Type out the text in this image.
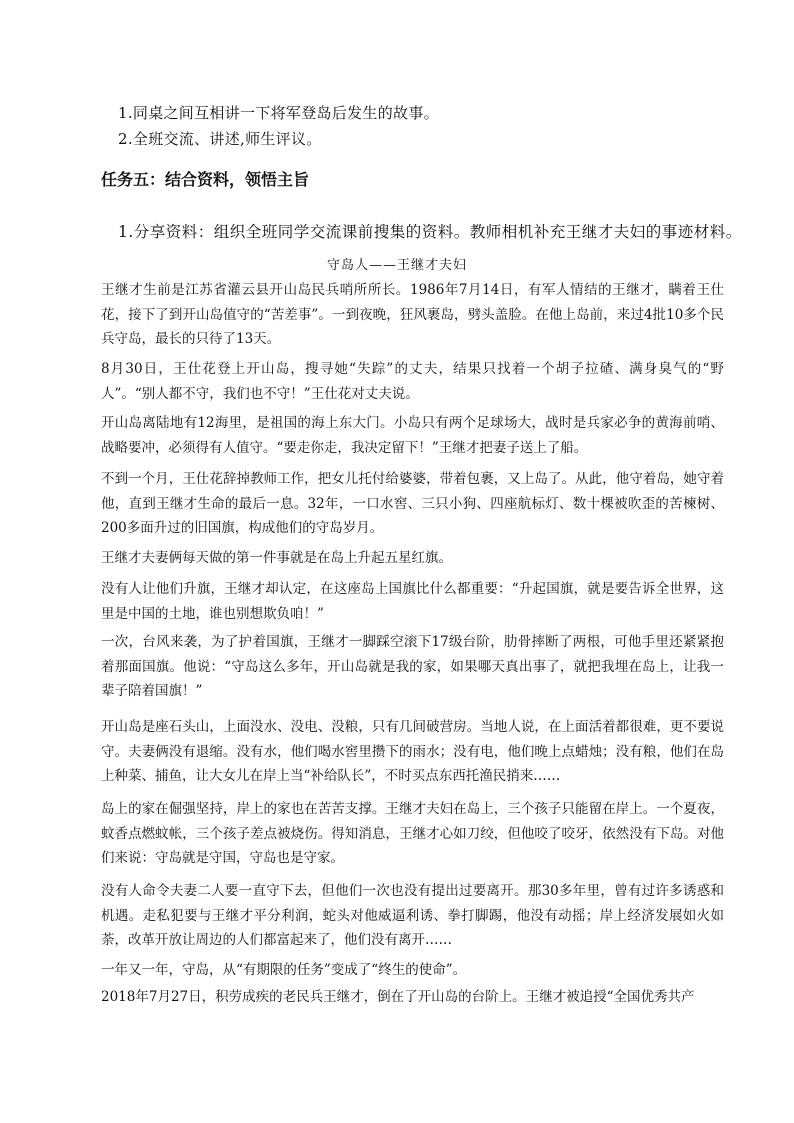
1.同桌之间互相讲一下将军登岛后发生的故事。

2.全班交流、讲述,师生评议。

任务五：结合资料，领悟主旨

1.分享资料：组织全班同学交流课前搜集的资料。教师相机补充王继才夫妇的事迹材料。

守岛人——王继才夫妇

王继才生前是江苏省灌云县开山岛民兵哨所所长。1986年7月14日，有军人情结的王继才，瞒着王仕花，接下了到开山岛值守的“苦差事”。一到夜晚，狂风裹岛，劈头盖脸。在他上岛前，来过4批10多个民兵守岛，最长的只待了13天。

8月30日，王仕花登上开山岛，搜寻她“失踪”的丈夫，结果只找着一个胡子拉碴、满身臭气的“野人”。“别人都不守，我们也不守！”王仕花对丈夫说。

开山岛离陆地有12海里，是祖国的海上东大门。小岛只有两个足球场大，战时是兵家必争的黄海前哨、战略要冲，必须得有人值守。“要走你走，我决定留下！”王继才把妻子送上了船。

不到一个月，王仕花辞掉教师工作，把女儿托付给婆婆，带着包裹，又上岛了。从此，他守着岛，她守着他，直到王继才生命的最后一息。32年，一口水窖、三只小狗、四座航标灯、数十棵被吹歪的苦楝树、200多面升过的旧国旗，构成他们的守岛岁月。

王继才夫妻俩每天做的第一件事就是在岛上升起五星红旗。

没有人让他们升旗，王继才却认定，在这座岛上国旗比什么都重要：“升起国旗，就是要告诉全世界，这里是中国的土地，谁也别想欺负咱！”

一次，台风来袭，为了护着国旗，王继才一脚踩空滚下17级台阶，肋骨摔断了两根，可他手里还紧紧抱着那面国旗。他说：“守岛这么多年，开山岛就是我的家，如果哪天真出事了，就把我埋在岛上，让我一辈子陪着国旗！”

开山岛是座石头山，上面没水、没电、没粮，只有几间破营房。当地人说，在上面活着都很难，更不要说守。夫妻俩没有退缩。没有水，他们喝水窖里攒下的雨水；没有电，他们晚上点蜡烛；没有粮，他们在岛上种菜、捕鱼，让大女儿在岸上当“补给队长”，不时买点东西托渔民捎来……

岛上的家在倔强坚持，岸上的家也在苦苦支撑。王继才夫妇在岛上，三个孩子只能留在岸上。一个夏夜，蚊香点燃蚊帐，三个孩子差点被烧伤。得知消息，王继才心如刀绞，但他咬了咬牙，依然没有下岛。对他们来说：守岛就是守国，守岛也是守家。

没有人命令夫妻二人要一直守下去，但他们一次也没有提出过要离开。那30多年里，曾有过许多诱惑和机遇。走私犯要与王继才平分利润，蛇头对他威逼利诱、拳打脚踢，他没有动摇；岸上经济发展如火如荼，改革开放让周边的人们都富起来了，他们没有离开……

一年又一年，守岛，从“有期限的任务”变成了“终生的使命”。

2018年7月27日，积劳成疾的老民兵王继才，倒在了开山岛的台阶上。王继才被追授“全国优秀共产
